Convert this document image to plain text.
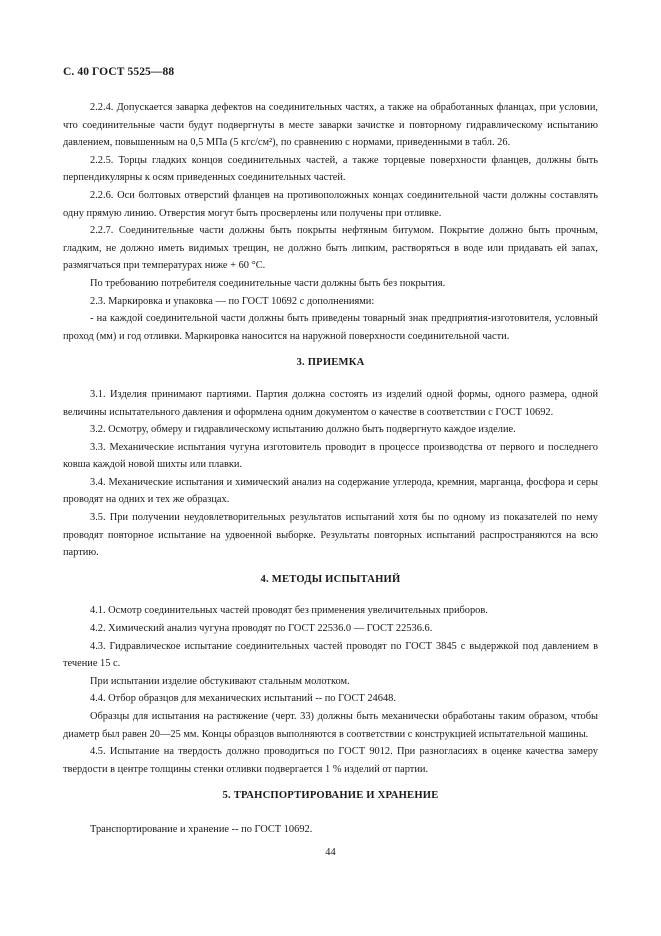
С. 40 ГОСТ 5525—88

2.2.4. Допускается заварка дефектов на соединительных частях, а также на обработанных фланцах, при условии, что соединительные части будут подвергнуты в месте заварки зачистке и повторному гидравлическому испытанию давлением, повышенным на 0,5 МПа (5 кгс/см²), по сравнению с нормами, приведенными в табл. 26.

2.2.5. Торцы гладких концов соединительных частей, а также торцевые поверхности фланцев, должны быть перпендикулярны к осям приведенных соединительных частей.

2.2.6. Оси болтовых отверстий фланцев на противоположных концах соединительной части должны составлять одну прямую линию. Отверстия могут быть просверлены или получены при отливке.

2.2.7. Соединительные части должны быть покрыты нефтяным битумом. Покрытие должно быть прочным, гладким, не должно иметь видимых трещин, не должно быть липким, растворяться в воде или придавать ей запах, размягчаться при температурах ниже + 60 °С.

По требованию потребителя соединительные части должны быть без покрытия.

2.3. Маркировка и упаковка — по ГОСТ 10692 с дополнениями:

- на каждой соединительной части должны быть приведены товарный знак предприятия-изготовителя, условный проход (мм) и год отливки. Маркировка наносится на наружной поверхности соединительной части.

3. ПРИЕМКА

3.1. Изделия принимают партиями. Партия должна состоять из изделий одной формы, одного размера, одной величины испытательного давления и оформлена одним документом о качестве в соответствии с ГОСТ 10692.

3.2. Осмотру, обмеру и гидравлическому испытанию должно быть подвергнуто каждое изделие.

3.3. Механические испытания чугуна изготовитель проводит в процессе производства от первого и последнего ковша каждой новой шихты или плавки.

3.4. Механические испытания и химический анализ на содержание углерода, кремния, марганца, фосфора и серы проводят на одних и тех же образцах.

3.5. При получении неудовлетворительных результатов испытаний хотя бы по одному из показателей по нему проводят повторное испытание на удвоенной выборке. Результаты повторных испытаний распространяются на всю партию.

4. МЕТОДЫ ИСПЫТАНИЙ

4.1. Осмотр соединительных частей проводят без применения увеличительных приборов.

4.2. Химический анализ чугуна проводят по ГОСТ 22536.0 — ГОСТ 22536.6.

4.3. Гидравлическое испытание соединительных частей проводят по ГОСТ 3845 с выдержкой под давлением в течение 15 с.

При испытании изделие обстукивают стальным молотком.

4.4. Отбор образцов для механических испытаний -- по ГОСТ 24648.

Образцы для испытания на растяжение (черт. 33) должны быть механически обработаны таким образом, чтобы диаметр был равен 20—25 мм. Концы образцов выполняются в соответствии с конструкцией испытательной машины.

4.5. Испытание на твердость должно проводиться по ГОСТ 9012. При разногласиях в оценке качества замеру твердости в центре толщины стенки отливки подвергается 1 % изделий от партии.

5. ТРАНСПОРТИРОВАНИЕ И ХРАНЕНИЕ

Транспортирование и хранение -- по ГОСТ 10692.

44
